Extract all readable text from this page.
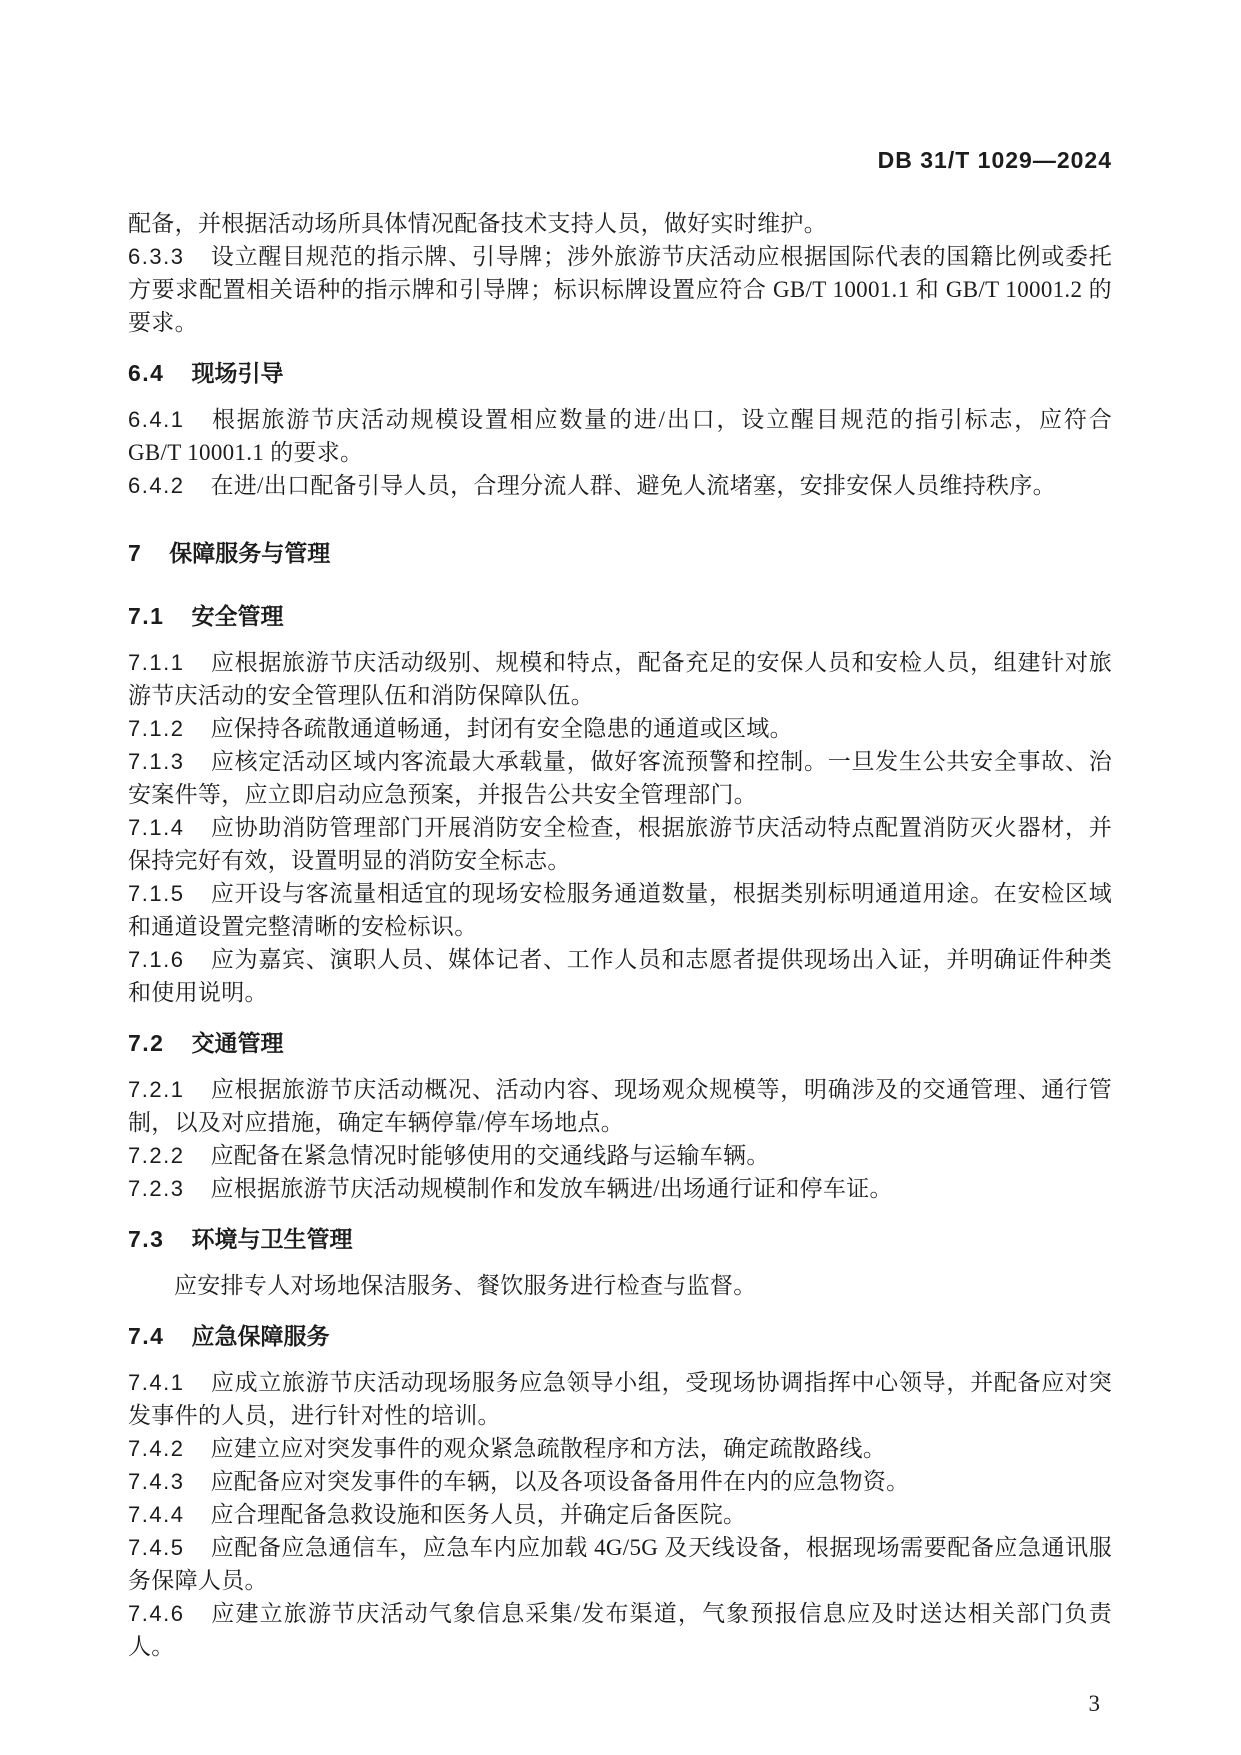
DB 31/T 1029—2024

配备，并根据活动场所具体情况配备技术支持人员，做好实时维护。

6.3.3 设立醒目规范的指示牌、引导牌；涉外旅游节庆活动应根据国际代表的国籍比例或委托方要求配置相关语种的指示牌和引导牌；标识标牌设置应符合 GB/T 10001.1 和 GB/T 10001.2 的要求。

6.4 现场引导

6.4.1 根据旅游节庆活动规模设置相应数量的进/出口，设立醒目规范的指引标志，应符合 GB/T 10001.1 的要求。

6.4.2 在进/出口配备引导人员，合理分流人群、避免人流堵塞，安排安保人员维持秩序。

7 保障服务与管理
7.1 安全管理

7.1.1 应根据旅游节庆活动级别、规模和特点，配备充足的安保人员和安检人员，组建针对旅游节庆活动的安全管理队伍和消防保障队伍。

7.1.2 应保持各疏散通道畅通，封闭有安全隐患的通道或区域。

7.1.3 应核定活动区域内客流最大承载量，做好客流预警和控制。一旦发生公共安全事故、治安案件等，应立即启动应急预案，并报告公共安全管理部门。

7.1.4 应协助消防管理部门开展消防安全检查，根据旅游节庆活动特点配置消防灭火器材，并保持完好有效，设置明显的消防安全标志。

7.1.5 应开设与客流量相适宜的现场安检服务通道数量，根据类别标明通道用途。在安检区域和通道设置完整清晰的安检标识。

7.1.6 应为嘉宾、演职人员、媒体记者、工作人员和志愿者提供现场出入证，并明确证件种类和使用说明。

7.2 交通管理

7.2.1 应根据旅游节庆活动概况、活动内容、现场观众规模等，明确涉及的交通管理、通行管制，以及对应措施，确定车辆停靠/停车场地点。

7.2.2 应配备在紧急情况时能够使用的交通线路与运输车辆。

7.2.3 应根据旅游节庆活动规模制作和发放车辆进/出场通行证和停车证。

7.3 环境与卫生管理

应安排专人对场地保洁服务、餐饮服务进行检查与监督。

7.4 应急保障服务

7.4.1 应成立旅游节庆活动现场服务应急领导小组，受现场协调指挥中心领导，并配备应对突发事件的人员，进行针对性的培训。

7.4.2 应建立应对突发事件的观众紧急疏散程序和方法，确定疏散路线。

7.4.3 应配备应对突发事件的车辆，以及各项设备备用件在内的应急物资。

7.4.4 应合理配备急救设施和医务人员，并确定后备医院。

7.4.5 应配备应急通信车，应急车内应加载 4G/5G 及天线设备，根据现场需要配备应急通讯服务保障人员。

7.4.6 应建立旅游节庆活动气象信息采集/发布渠道，气象预报信息应及时送达相关部门负责人。

3
